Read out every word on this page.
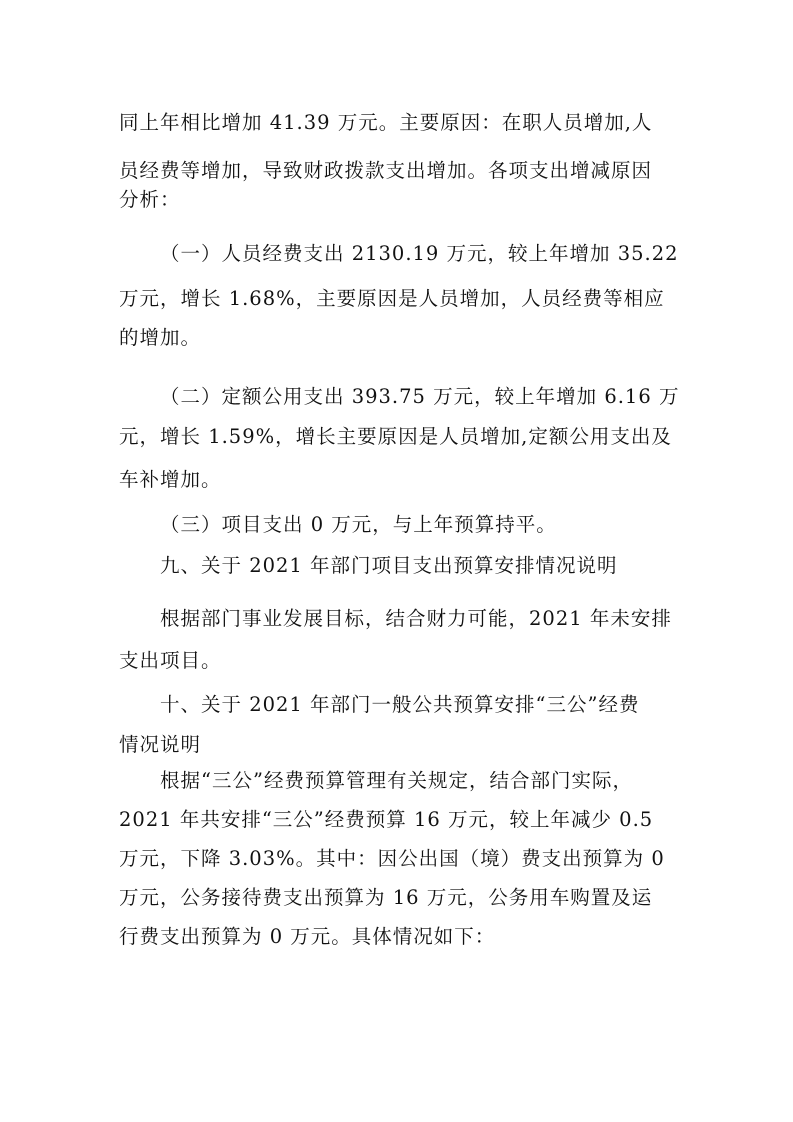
同上年相比增加 41.39 万元。主要原因：在职人员增加,人
员经费等增加，导致财政拨款支出增加。各项支出增减原因
分析：
（一）人员经费支出 2130.19 万元，较上年增加 35.22
万元，增长 1.68%，主要原因是人员增加，人员经费等相应
的增加。
（二）定额公用支出 393.75 万元，较上年增加 6.16 万
元，增长 1.59%，增长主要原因是人员增加,定额公用支出及
车补增加。
（三）项目支出 0 万元，与上年预算持平。
九、关于 2021 年部门项目支出预算安排情况说明
根据部门事业发展目标，结合财力可能，2021 年未安排
支出项目。
十、关于 2021 年部门一般公共预算安排“三公”经费
情况说明
根据“三公”经费预算管理有关规定，结合部门实际，
2021 年共安排“三公”经费预算 16 万元，较上年减少 0.5
万元，下降 3.03%。其中：因公出国（境）费支出预算为 0
万元，公务接待费支出预算为 16 万元，公务用车购置及运
行费支出预算为 0 万元。具体情况如下：
